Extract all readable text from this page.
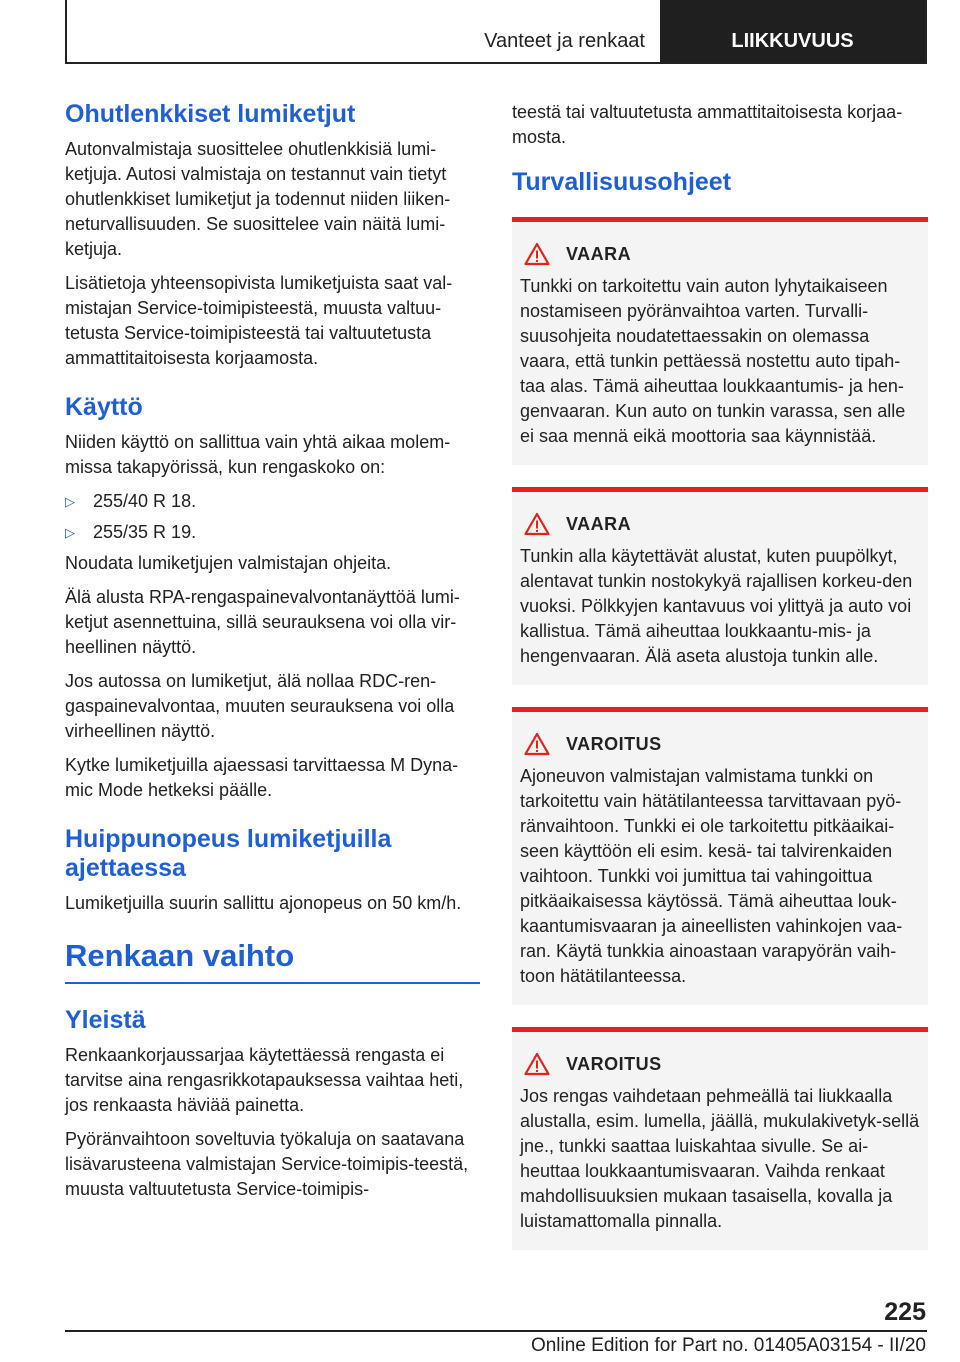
Vanteet ja renkaat	LIIKKUVUUS
Ohutlenkkiset lumiketjut

Autonvalmistaja suosittelee ohutlenkkisiä lumi-ketjuja. Autosi valmistaja on testannut vain tietyt ohutlenkkiset lumiketjut ja todennut niiden liiken-neturvallisuuden. Se suosittelee vain näitä lumi-ketjuja.

Lisätietoja yhteensopivista lumiketjuista saat val-mistajan Service-toimipisteestä, muusta valtuu-tetusta Service-toimipisteestä tai valtuutetusta ammattitaitoisesta korjaamosta.

Käyttö

Niiden käyttö on sallittua vain yhtä aikaa molem-missa takapyörissä, kun rengaskoko on:

▷	255/40 R 18.
▷	255/35 R 19.

Noudata lumiketjujen valmistajan ohjeita.

Älä alusta RPA-rengaspainevalvontanäyttöä lumi-ketjut asennettuina, sillä seurauksena voi olla vir-heellinen näyttö.

Jos autossa on lumiketjut, älä nollaa RDC-ren-gaspainevalvontaa, muuten seurauksena voi olla virheellinen näyttö.

Kytke lumiketjuilla ajaessasi tarvittaessa M Dyna-mic Mode hetkeksi päälle.

Huippunopeus lumiketjuilla ajettaessa

Lumiketjuilla suurin sallittu ajonopeus on 50 km/h.

Renkaan vaihto
Yleistä

Renkaankorjaussarjaa käytettäessä rengasta ei tarvitse aina rengasrikkotapauksessa vaihtaa heti, jos renkaasta häviää painetta.

Pyöränvaihtoon soveltuvia työkaluja on saatavana lisävarusteena valmistajan Service-toimipis-teestä, muusta valtuutetusta Service-toimipis-

teestä tai valtuutetusta ammattitaitoisesta korjaa-mosta.

Turvallisuusohjeet
VAARA

Tunkki on tarkoitettu vain auton lyhytaikaiseen nostamiseen pyöränvaihtoa varten. Turvalli-suusohjeita noudatettaessakin on olemassa vaara, että tunkin pettäessä nostettu auto tipah-taa alas. Tämä aiheuttaa loukkaantumis- ja hen-genvaaran. Kun auto on tunkin varassa, sen alle ei saa mennä eikä moottoria saa käynnistää.

VAARA

Tunkin alla käytettävät alustat, kuten puupölkyt, alentavat tunkin nostokykyä rajallisen korkeu-den vuoksi. Pölkkyjen kantavuus voi ylittyä ja auto voi kallistua. Tämä aiheuttaa loukkaantu-mis- ja hengenvaaran. Älä aseta alustoja tunkin alle.

VAROITUS

Ajoneuvon valmistajan valmistama tunkki on tarkoitettu vain hätätilanteessa tarvittavaan pyö-ränvaihtoon. Tunkki ei ole tarkoitettu pitkäaikai-seen käyttöön eli esim. kesä- tai talvirenkaiden vaihtoon. Tunkki voi jumittua tai vahingoittua pitkäaikaisessa käytössä. Tämä aiheuttaa louk-kaantumisvaaran ja aineellisten vahinkojen vaa-ran. Käytä tunkkia ainoastaan varapyörän vaih-toon hätätilanteessa.

VAROITUS

Jos rengas vaihdetaan pehmeällä tai liukkaalla alustalla, esim. lumella, jäällä, mukulakivetyk-sellä jne., tunkki saattaa luiskahtaa sivulle. Se ai-heuttaa loukkaantumisvaaran. Vaihda renkaat mahdollisuuksien mukaan tasaisella, kovalla ja luistamattomalla pinnalla.

225
Online Edition for Part no. 01405A03154 - II/20
